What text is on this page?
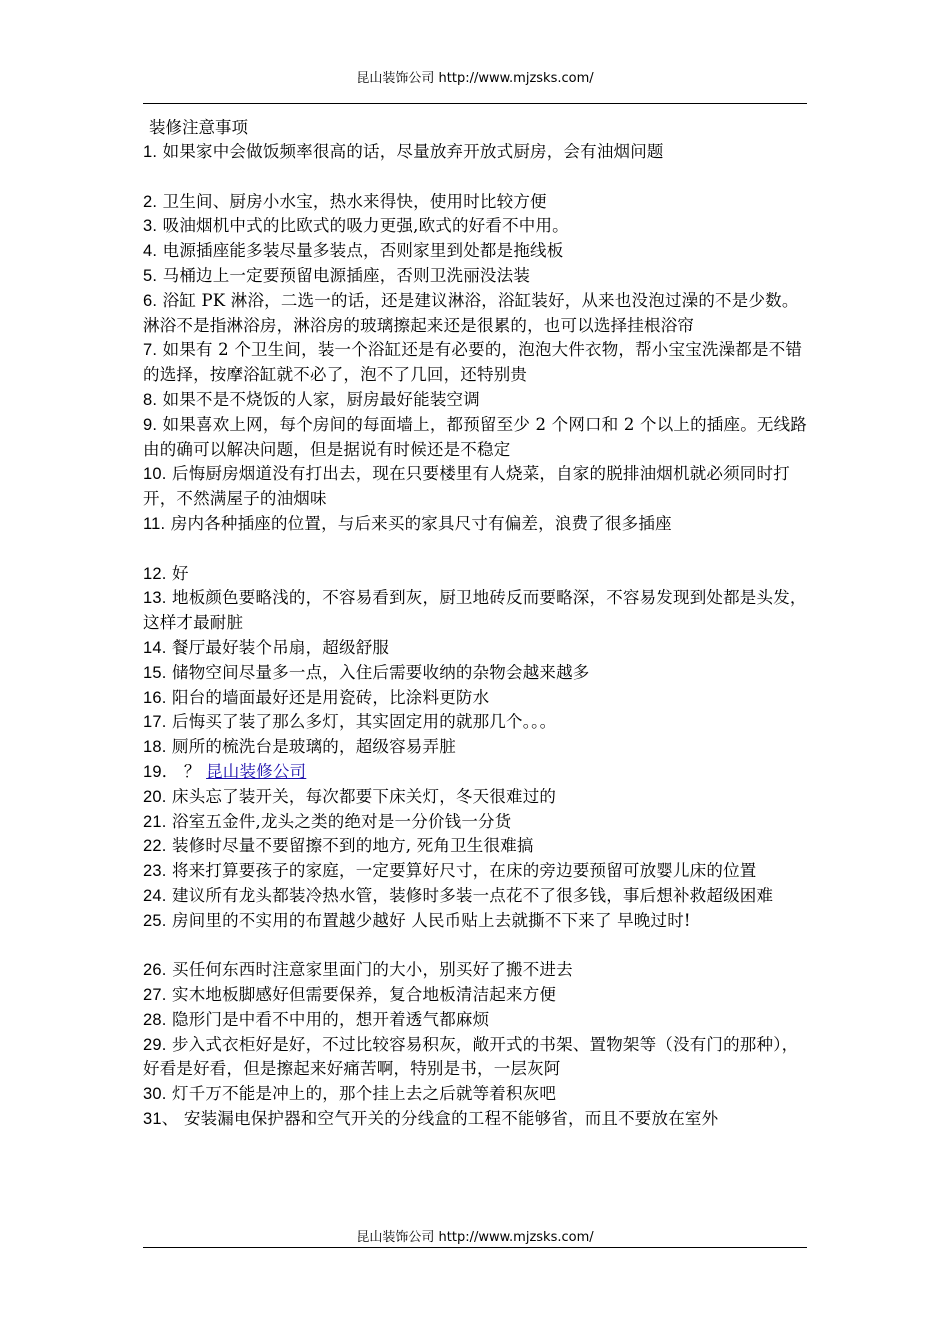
昆山装饰公司 http://www.mjzsks.com/
装修注意事项
1. 如果家中会做饭频率很高的话，尽量放弃开放式厨房，会有油烟问题
2. 卫生间、厨房小水宝，热水来得快，使用时比较方便
3. 吸油烟机中式的比欧式的吸力更强,欧式的好看不中用。
4. 电源插座能多装尽量多装点，否则家里到处都是拖线板
5. 马桶边上一定要预留电源插座，否则卫洗丽没法装
6. 浴缸 PK 淋浴，二选一的话，还是建议淋浴，浴缸装好，从来也没泡过澡的不是少数。淋浴不是指淋浴房，淋浴房的玻璃擦起来还是很累的，也可以选择挂根浴帘
7. 如果有 2 个卫生间，装一个浴缸还是有必要的，泡泡大件衣物，帮小宝宝洗澡都是不错的选择，按摩浴缸就不必了，泡不了几回，还特别贵
8. 如果不是不烧饭的人家，厨房最好能装空调
9. 如果喜欢上网，每个房间的每面墙上，都预留至少 2 个网口和 2 个以上的插座。无线路由的确可以解决问题，但是据说有时候还是不稳定
10. 后悔厨房烟道没有打出去，现在只要楼里有人烧菜，自家的脱排油烟机就必须同时打开，不然满屋子的油烟味
11. 房内各种插座的位置，与后来买的家具尺寸有偏差，浪费了很多插座
12. 好
13. 地板颜色要略浅的，不容易看到灰，厨卫地砖反而要略深，不容易发现到处都是头发，这样才最耐脏
14. 餐厅最好装个吊扇，超级舒服
15. 储物空间尽量多一点，入住后需要收纳的杂物会越来越多
16. 阳台的墙面最好还是用瓷砖，比涂料更防水
17. 后悔买了装了那么多灯，其实固定用的就那几个。。。
18. 厕所的梳洗台是玻璃的，超级容易弄脏
19． ？ 昆山装修公司
20. 床头忘了装开关，每次都要下床关灯，冬天很难过的
21. 浴室五金件,龙头之类的绝对是一分价钱一分货
22. 装修时尽量不要留擦不到的地方, 死角卫生很难搞
23. 将来打算要孩子的家庭，一定要算好尺寸，在床的旁边要预留可放婴儿床的位置
24. 建议所有龙头都装冷热水管，装修时多装一点花不了很多钱，事后想补救超级困难
25. 房间里的不实用的布置越少越好 人民币贴上去就撕不下来了 早晚过时!
26. 买任何东西时注意家里面门的大小，别买好了搬不进去
27. 实木地板脚感好但需要保养，复合地板清洁起来方便
28. 隐形门是中看不中用的，想开着透气都麻烦
29. 步入式衣柜好是好，不过比较容易积灰，敞开式的书架、置物架等（没有门的那种），好看是好看，但是擦起来好痛苦啊，特别是书，一层灰阿
30. 灯千万不能是冲上的，那个挂上去之后就等着积灰吧
31、 安装漏电保护器和空气开关的分线盒的工程不能够省，而且不要放在室外
昆山装饰公司 http://www.mjzsks.com/
